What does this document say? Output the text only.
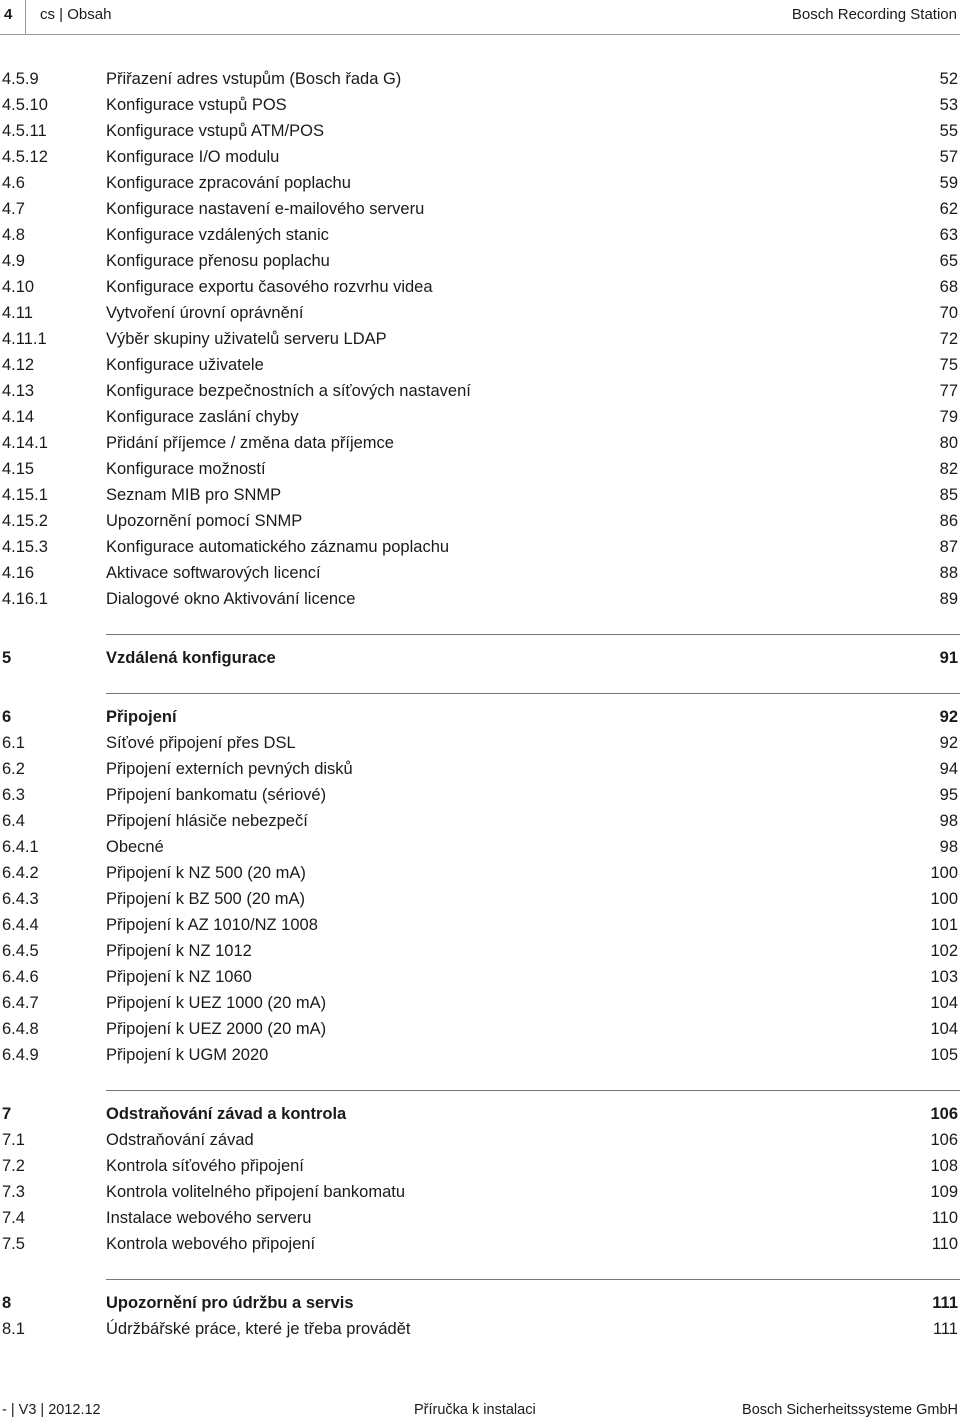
4 cs | Obsah	Bosch Recording Station
4.5.9	Přiřazení adres vstupům (Bosch řada G)	52
4.5.10	Konfigurace vstupů POS	53
4.5.11	Konfigurace vstupů ATM/POS	55
4.5.12	Konfigurace I/O modulu	57
4.6	Konfigurace zpracování poplachu	59
4.7	Konfigurace nastavení e-mailového serveru	62
4.8	Konfigurace vzdálených stanic	63
4.9	Konfigurace přenosu poplachu	65
4.10	Konfigurace exportu časového rozvrhu videa	68
4.11	Vytvoření úrovní oprávnění	70
4.11.1	Výběr skupiny uživatelů serveru LDAP	72
4.12	Konfigurace uživatele	75
4.13	Konfigurace bezpečnostních a síťových nastavení	77
4.14	Konfigurace zaslání chyby	79
4.14.1	Přidání příjemce / změna data příjemce	80
4.15	Konfigurace možností	82
4.15.1	Seznam MIB pro SNMP	85
4.15.2	Upozornění pomocí SNMP	86
4.15.3	Konfigurace automatického záznamu poplachu	87
4.16	Aktivace softwarových licencí	88
4.16.1	Dialogové okno Aktivování licence	89
5	Vzdálená konfigurace	91
6	Připojení	92
6.1	Síťové připojení přes DSL	92
6.2	Připojení externích pevných disků	94
6.3	Připojení bankomatu (sériové)	95
6.4	Připojení hlásiče nebezpečí	98
6.4.1	Obecné	98
6.4.2	Připojení k NZ 500 (20 mA)	100
6.4.3	Připojení k BZ 500 (20 mA)	100
6.4.4	Připojení k AZ 1010/NZ 1008	101
6.4.5	Připojení k NZ 1012	102
6.4.6	Připojení k NZ 1060	103
6.4.7	Připojení k UEZ 1000 (20 mA)	104
6.4.8	Připojení k UEZ 2000 (20 mA)	104
6.4.9	Připojení k UGM 2020	105
7	Odstraňování závad a kontrola	106
7.1	Odstraňování závad	106
7.2	Kontrola síťového připojení	108
7.3	Kontrola volitelného připojení bankomatu	109
7.4	Instalace webového serveru	110
7.5	Kontrola webového připojení	110
8	Upozornění pro údržbu a servis	111
8.1	Údržbářské práce, které je třeba provádět	111
- | V3 | 2012.12	Příručka k instalaci	Bosch Sicherheitssysteme GmbH
